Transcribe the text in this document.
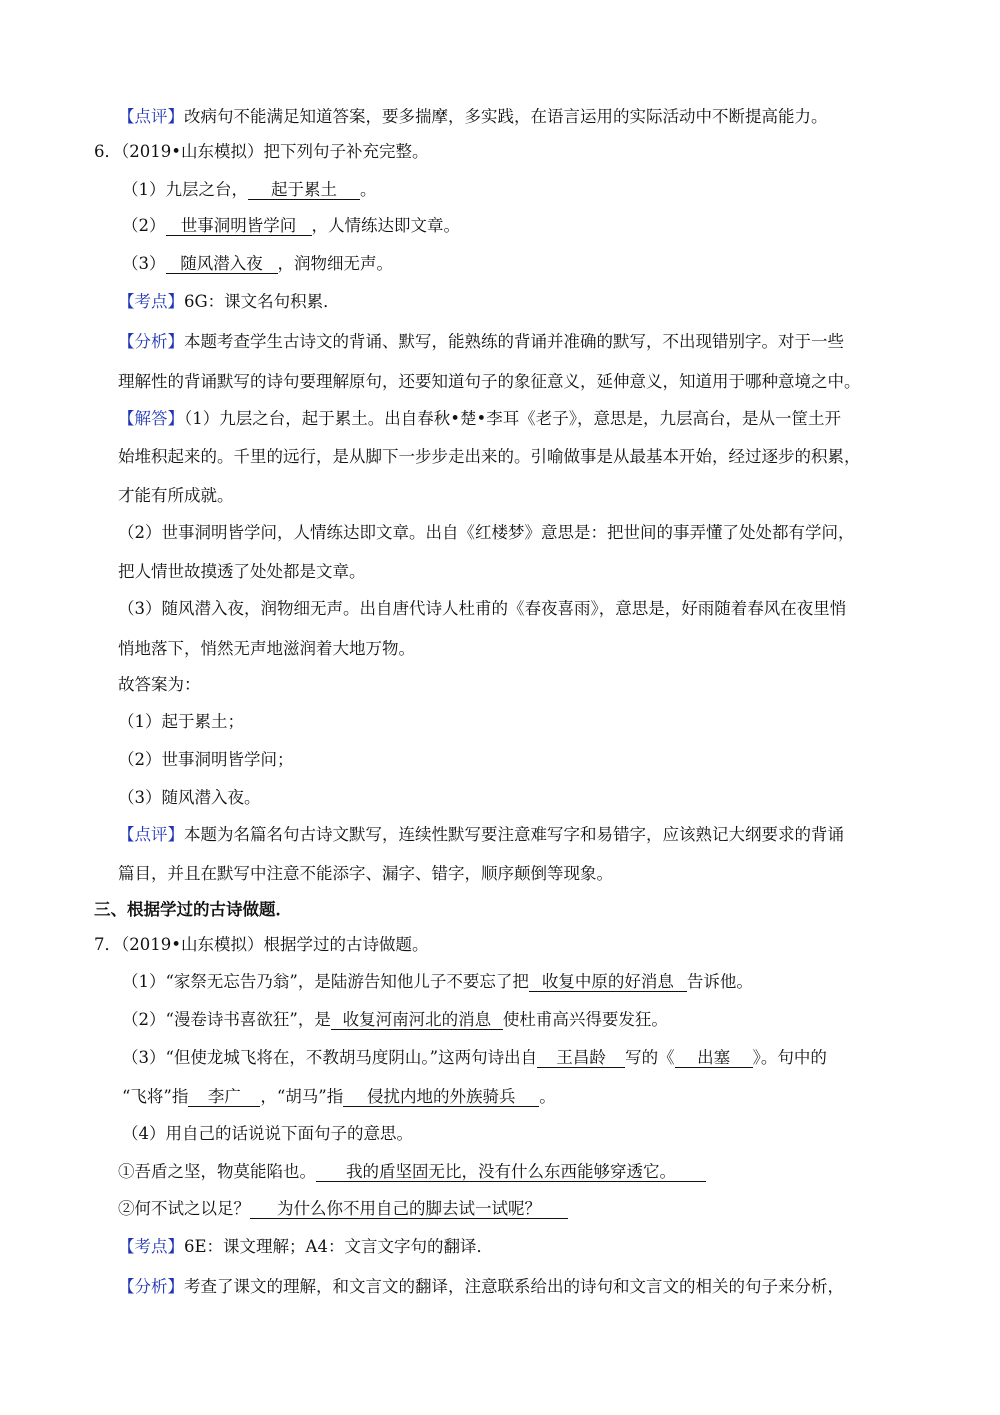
【点评】改病句不能满足知道答案，要多揣摩，多实践，在语言运用的实际活动中不断提高能力。
6．（2019•山东模拟）把下列句子补充完整。
（1）九层之台， 起于累土 。
（2） 世事洞明皆学问 ，人情练达即文章。
（3） 随风潜入夜 ，润物细无声。
【考点】6G：课文名句积累．
【分析】本题考查学生古诗文的背诵、默写，能熟练的背诵并准确的默写，不出现错别字。对于一些
理解性的背诵默写的诗句要理解原句，还要知道句子的象征意义，延伸意义，知道用于哪种意境之中。
【解答】（1）九层之台，起于累土。出自春秋•楚•李耳《老子》，意思是，九层高台，是从一筐土开
始堆积起来的。千里的远行，是从脚下一步步走出来的。引喻做事是从最基本开始，经过逐步的积累，
才能有所成就。
（2）世事洞明皆学问，人情练达即文章。出自《红楼梦》意思是：把世间的事弄懂了处处都有学问，
把人情世故摸透了处处都是文章。
（3）随风潜入夜，润物细无声。出自唐代诗人杜甫的《春夜喜雨》，意思是，好雨随着春风在夜里悄
悄地落下，悄然无声地滋润着大地万物。
故答案为：
（1）起于累土；
（2）世事洞明皆学问；
（3）随风潜入夜。
【点评】本题为名篇名句古诗文默写，连续性默写要注意难写字和易错字，应该熟记大纲要求的背诵
篇目，并且在默写中注意不能添字、漏字、错字，顺序颠倒等现象。
三、根据学过的古诗做题．
7．（2019•山东模拟）根据学过的古诗做题。
（1）“家祭无忘告乃翁”，是陆游告知他儿子不要忘了把 收复中原的好消息 告诉他。
（2）“漫卷诗书喜欲狂”，是 收复河南河北的消息 使杜甫高兴得要发狂。
（3）“但使龙城飞将在，不教胡马度阴山。”这两句诗出自 王昌龄 写的《 出塞 》。句中的
“飞将”指 李广 ，“胡马”指 侵扰内地的外族骑兵 。
（4）用自己的话说说下面句子的意思。
①吾盾之坚，物莫能陷也。 我的盾坚固无比，没有什么东西能够穿透它。
②何不试之以足？ 为什么你不用自己的脚去试一试呢？
【考点】6E：课文理解；A4：文言文字句的翻译．
【分析】考查了课文的理解，和文言文的翻译，注意联系给出的诗句和文言文的相关的句子来分析，
